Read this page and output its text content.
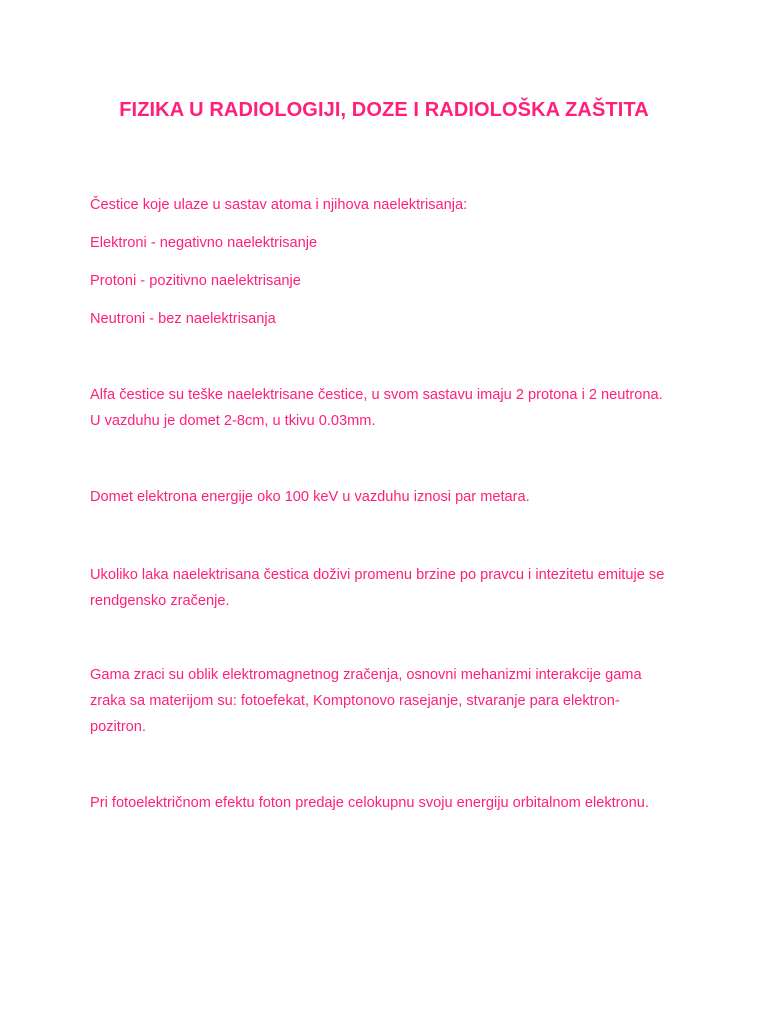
FIZIKA U RADIOLOGIJI, DOZE I RADIOLOŠKA ZAŠTITA

Čestice koje ulaze u sastav atoma i njihova naelektrisanja:

Elektroni - negativno naelektrisanje

Protoni - pozitivno naelektrisanje

Neutroni - bez naelektrisanja

Alfa čestice su teške naelektrisane čestice, u svom sastavu imaju 2 protona i 2 neutrona. U vazduhu je domet 2-8cm, u tkivu 0.03mm.

Domet elektrona energije oko 100 keV u vazduhu iznosi par metara.

Ukoliko laka naelektrisana čestica doživi promenu brzine po pravcu i intezitetu emituje se rendgensko zračenje.

Gama zraci su oblik elektromagnetnog zračenja, osnovni mehanizmi interakcije gama zraka sa materijom su: fotoefekat, Komptonovo rasejanje, stvaranje para elektron-pozitron.

Pri fotoelektričnom efektu foton predaje celokupnu svoju energiju orbitalnom elektronu.
